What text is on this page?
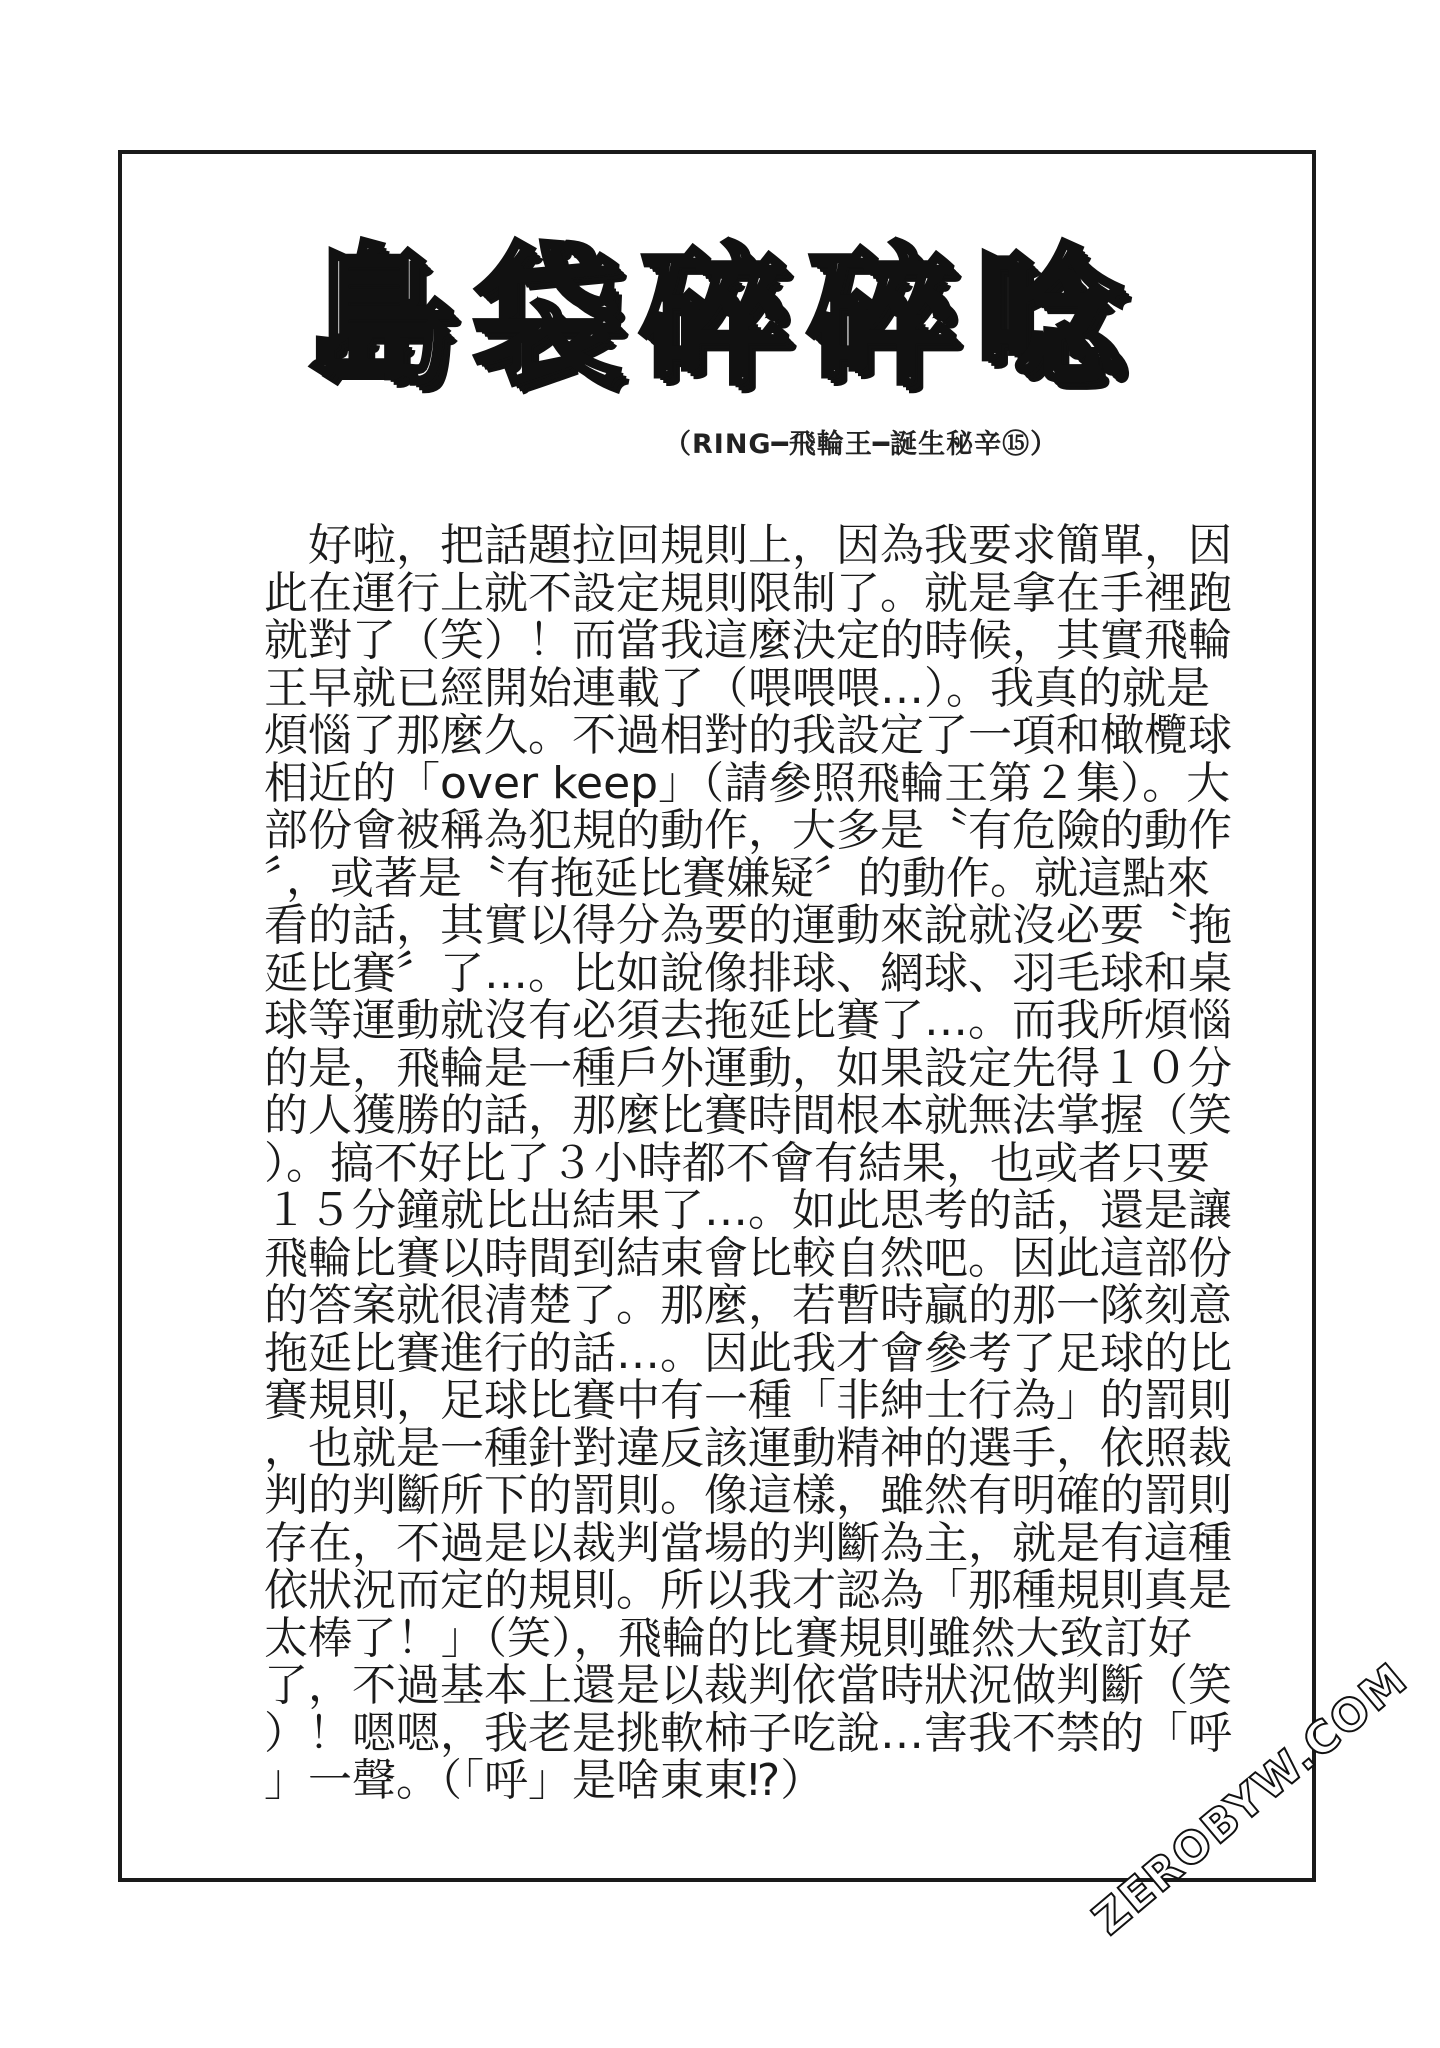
島 袋 碎 碎 唸
（RING━飛輪王━誕生秘辛⑮）
　好啦，把話題拉回規則上，因為我要求簡單，因
此在運行上就不設定規則限制了。就是拿在手裡跑
就對了（笑）！而當我這麼決定的時候，其實飛輪
王早就已經開始連載了（喂喂喂…）。我真的就是
煩惱了那麼久。不過相對的我設定了一項和橄欖球
相近的「over keep」（請參照飛輪王第２集）。大
部份會被稱為犯規的動作，大多是〝有危險的動作
〞，或著是〝有拖延比賽嫌疑〞的動作。就這點來
看的話，其實以得分為要的運動來說就沒必要〝拖
延比賽〞了…。比如說像排球、網球、羽毛球和桌
球等運動就沒有必須去拖延比賽了…。而我所煩惱
的是，飛輪是一種戶外運動，如果設定先得１０分
的人獲勝的話，那麼比賽時間根本就無法掌握（笑
）。搞不好比了３小時都不會有結果，也或者只要
１５分鐘就比出結果了…。如此思考的話，還是讓
飛輪比賽以時間到結束會比較自然吧。因此這部份
的答案就很清楚了。那麼，若暫時贏的那一隊刻意
拖延比賽進行的話…。因此我才會參考了足球的比
賽規則，足球比賽中有一種「非紳士行為」的罰則
，也就是一種針對違反該運動精神的選手，依照裁
判的判斷所下的罰則。像這樣，雖然有明確的罰則
存在，不過是以裁判當場的判斷為主，就是有這種
依狀況而定的規則。所以我才認為「那種規則真是
太棒了！」（笑），飛輪的比賽規則雖然大致訂好
了，不過基本上還是以裁判依當時狀況做判斷（笑
）！嗯嗯，我老是挑軟柿子吃說…害我不禁的「呼
」一聲。（「呼」是啥東東⁉）	ZEROBYW.COM
